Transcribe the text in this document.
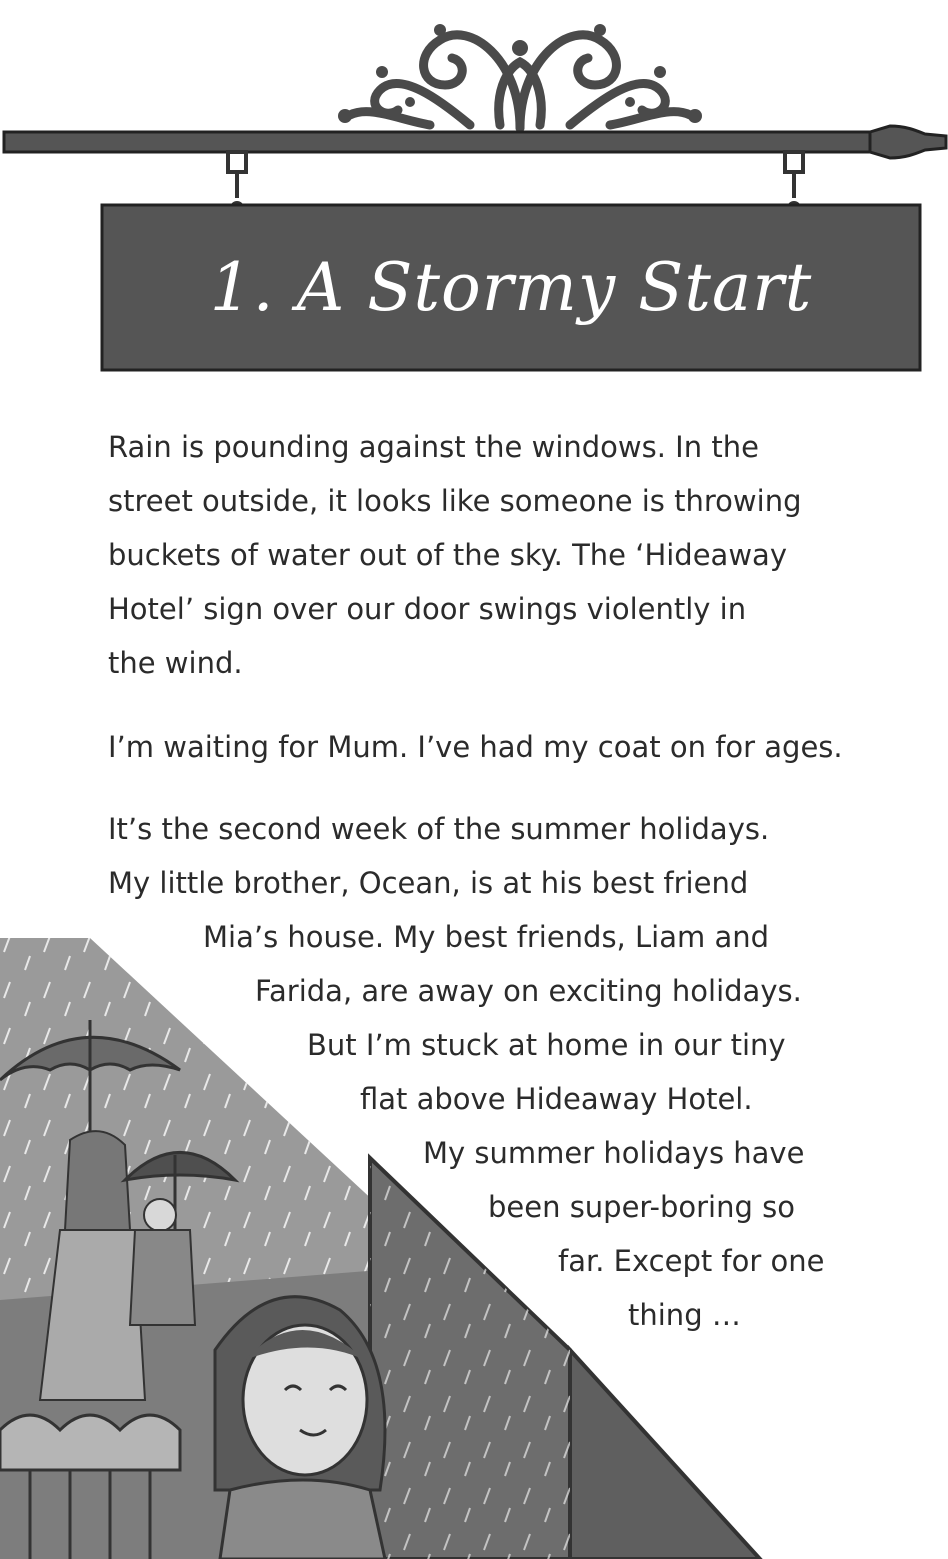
1. A Stormy Start
Rain is pounding against the windows. In the
street outside, it looks like someone is throwing
buckets of water out of the sky. The ‘Hideaway
Hotel’ sign over our door swings violently in
the wind.
I’m waiting for Mum. I’ve had my coat on for ages.
It’s the second week of the summer holidays.
My little brother, Ocean, is at his best friend
Mia’s house. My best friends, Liam and
Farida, are away on exciting holidays.
But I’m stuck at home in our tiny
flat above Hideaway Hotel.
My summer holidays have
been super-boring so
far. Except for one
thing …
